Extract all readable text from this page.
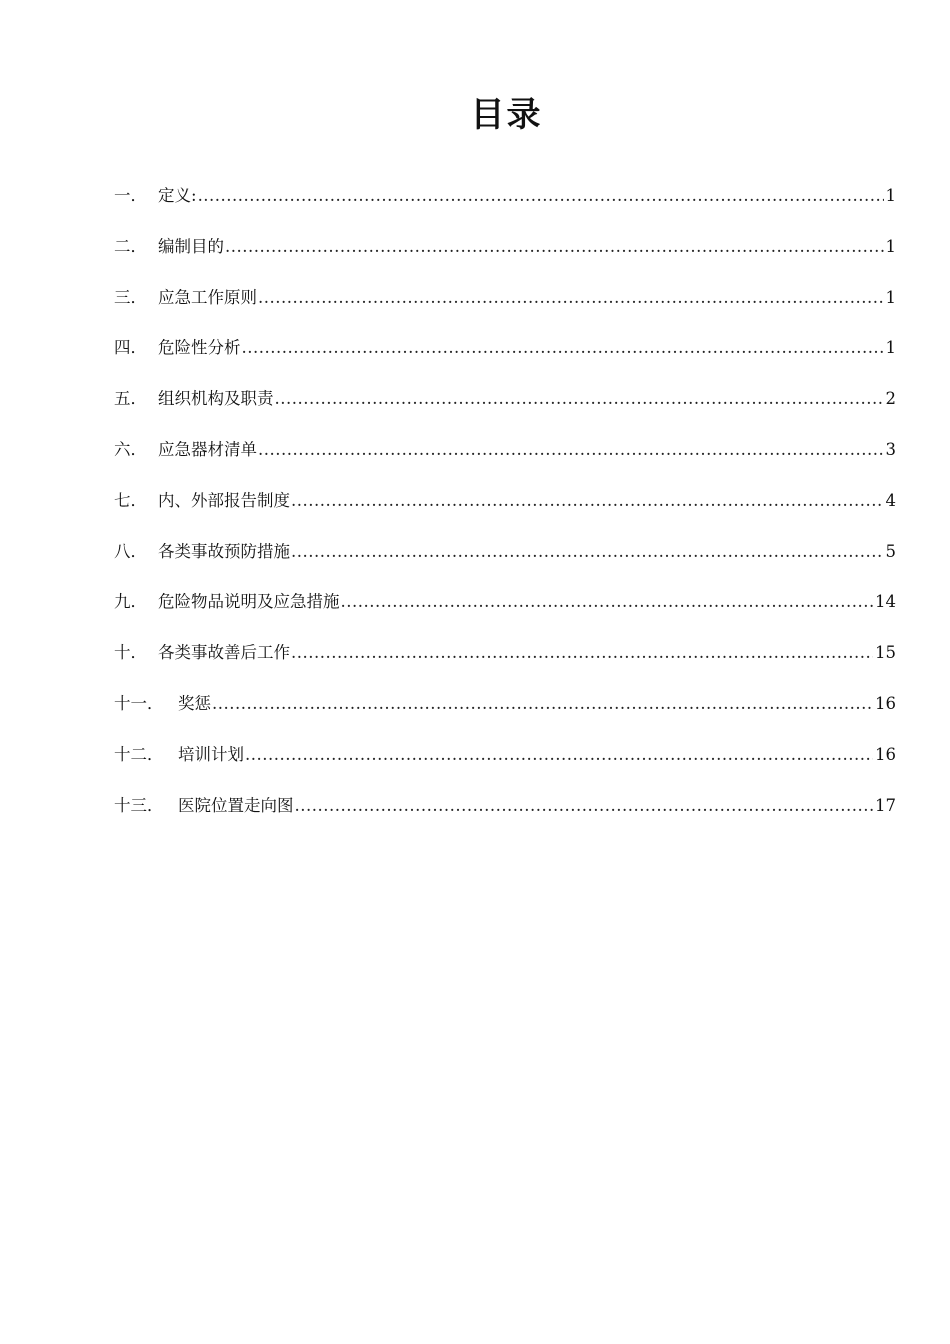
目录
一． 定义: .....	1
二． 编制目的 .....	1
三． 应急工作原则 .....	1
四． 危险性分析 .....	1
五． 组织机构及职责 .....	2
六． 应急器材清单 .....	3
七． 内、外部报告制度 .....	4
八． 各类事故预防措施 .....	5
九． 危险物品说明及应急措施 .....	14
十． 各类事故善后工作 .....	15
十一． 奖惩 .....	16
十二． 培训计划 .....	16
十三． 医院位置走向图 .....	17
